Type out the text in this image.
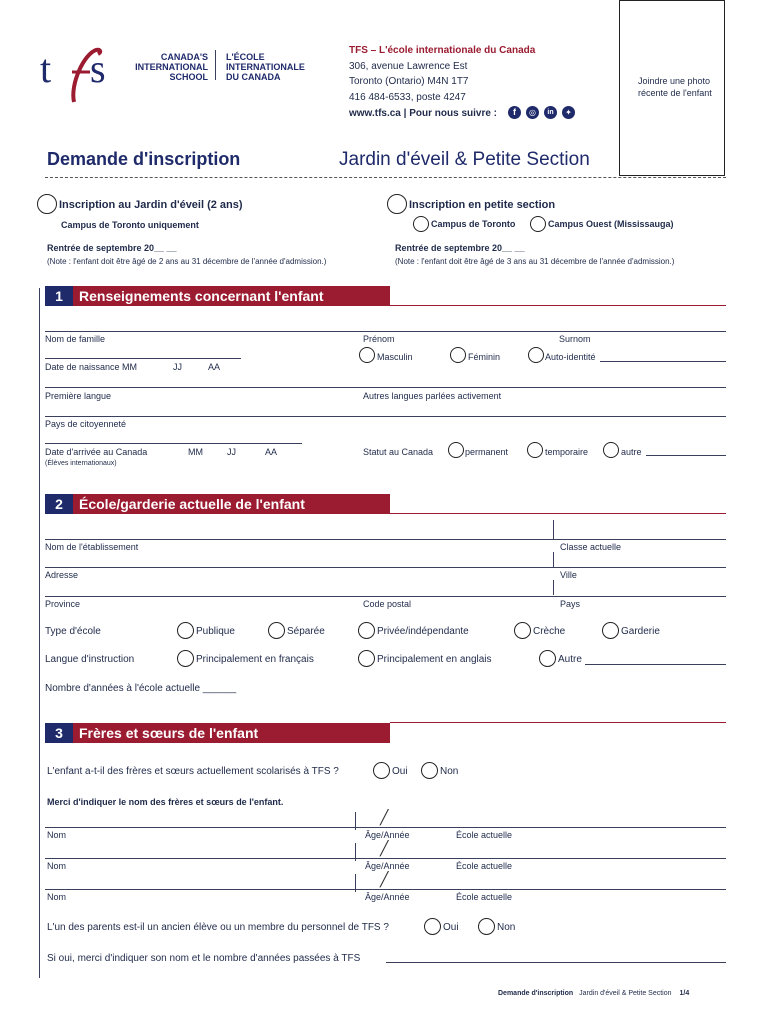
t s	CANADA'S
INTERNATIONAL
SCHOOL
L'ÉCOLE
INTERNATIONALE
DU CANADA
TFS – L'école internationale du Canada
306, avenue Lawrence Est
Toronto (Ontario) M4N 1T7
416 484-6533, poste 4247
www.tfs.ca | Pour nous suivre :	f	◎	in	✦
Joindre une photo récente de l'enfant
Demande d'inscription	Jardin d'éveil & Petite Section
Inscription au Jardin d'éveil (2 ans)
Campus de Toronto uniquement
Rentrée de septembre 20__ __
(Note : l'enfant doit être âgé de 2 ans au 31 décembre de l'année d'admission.)
Inscription en petite section
Campus de Toronto	Campus Ouest (Mississauga)
Rentrée de septembre 20__ __
(Note : l'enfant doit être âgé de 3 ans au 31 décembre de l'année d'admission.)
1	Renseignements concernant l'enfant
Nom de famille	Prénom	Surnom
Masculin	Féminin	Auto-identité
Date de naissance MM	JJ	AA
Première langue	Autres langues parlées activement
Pays de citoyenneté
Date d'arrivée au Canada	MM	JJ	AA
(Élèves internationaux)
Statut au Canada	permanent	temporaire	autre
2	École/garderie actuelle de l'enfant
Nom de l'établissement	Classe actuelle
Adresse	Ville
Province	Code postal	Pays
Type d'école	Publique	Séparée	Privée/indépendante	Crèche	Garderie
Langue d'instruction	Principalement en français	Principalement en anglais	Autre
Nombre d'années à l'école actuelle ______
3	Frères et sœurs de l'enfant
L'enfant a-t-il des frères et sœurs actuellement scolarisés à TFS ?	Oui	Non
Merci d'indiquer le nom des frères et sœurs de l'enfant.
╱
Nom	Âge/Année	École actuelle
╱
Nom	Âge/Année	École actuelle
╱
Nom	Âge/Année	École actuelle
L'un des parents est-il un ancien élève ou un membre du personnel de TFS ?	Oui	Non
Si oui, merci d'indiquer son nom et le nombre d'années passées à TFS
Demande d'inscription Jardin d'éveil & Petite Section 1/4
